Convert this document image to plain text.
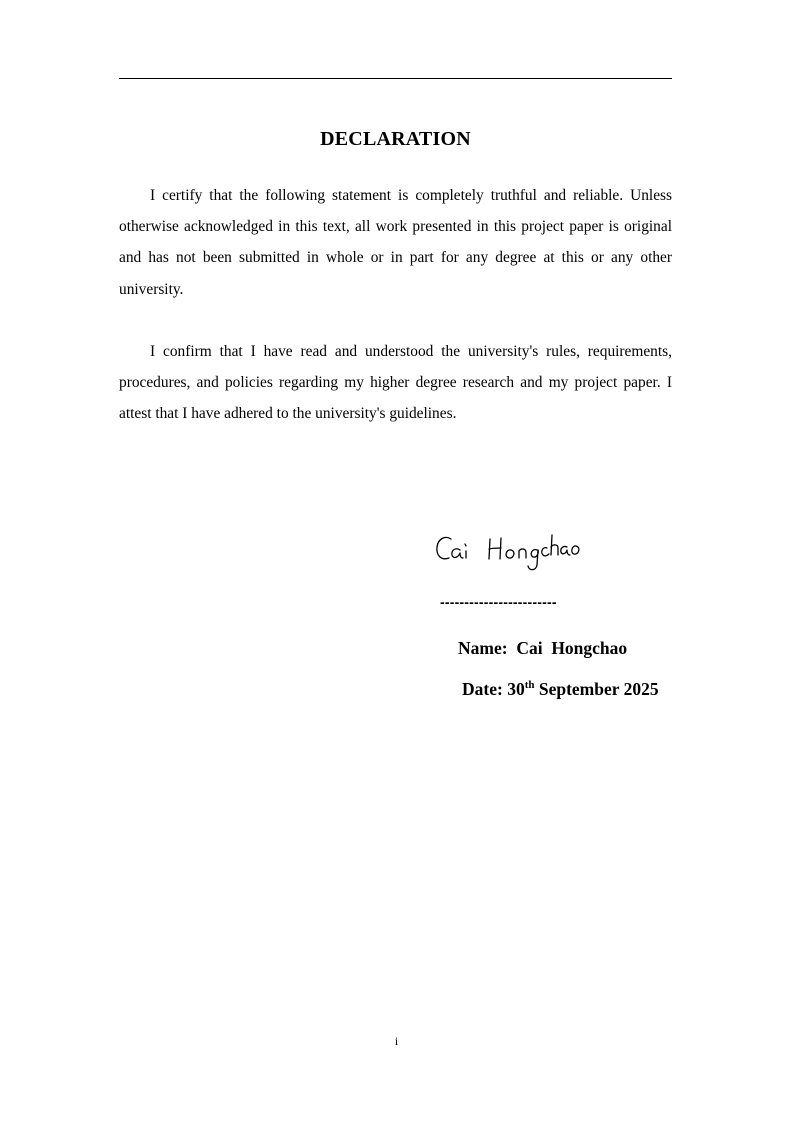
DECLARATION

I certify that the following statement is completely truthful and reliable. Unless otherwise acknowledged in this text, all work presented in this project paper is original and has not been submitted in whole or in part for any degree at this or any other university.

I confirm that I have read and understood the university's rules, requirements, procedures, and policies regarding my higher degree research and my project paper. I attest that I have adhered to the university's guidelines.

------------------------
Name: Cai  Hongchao
Date: 30th September 2025
i
